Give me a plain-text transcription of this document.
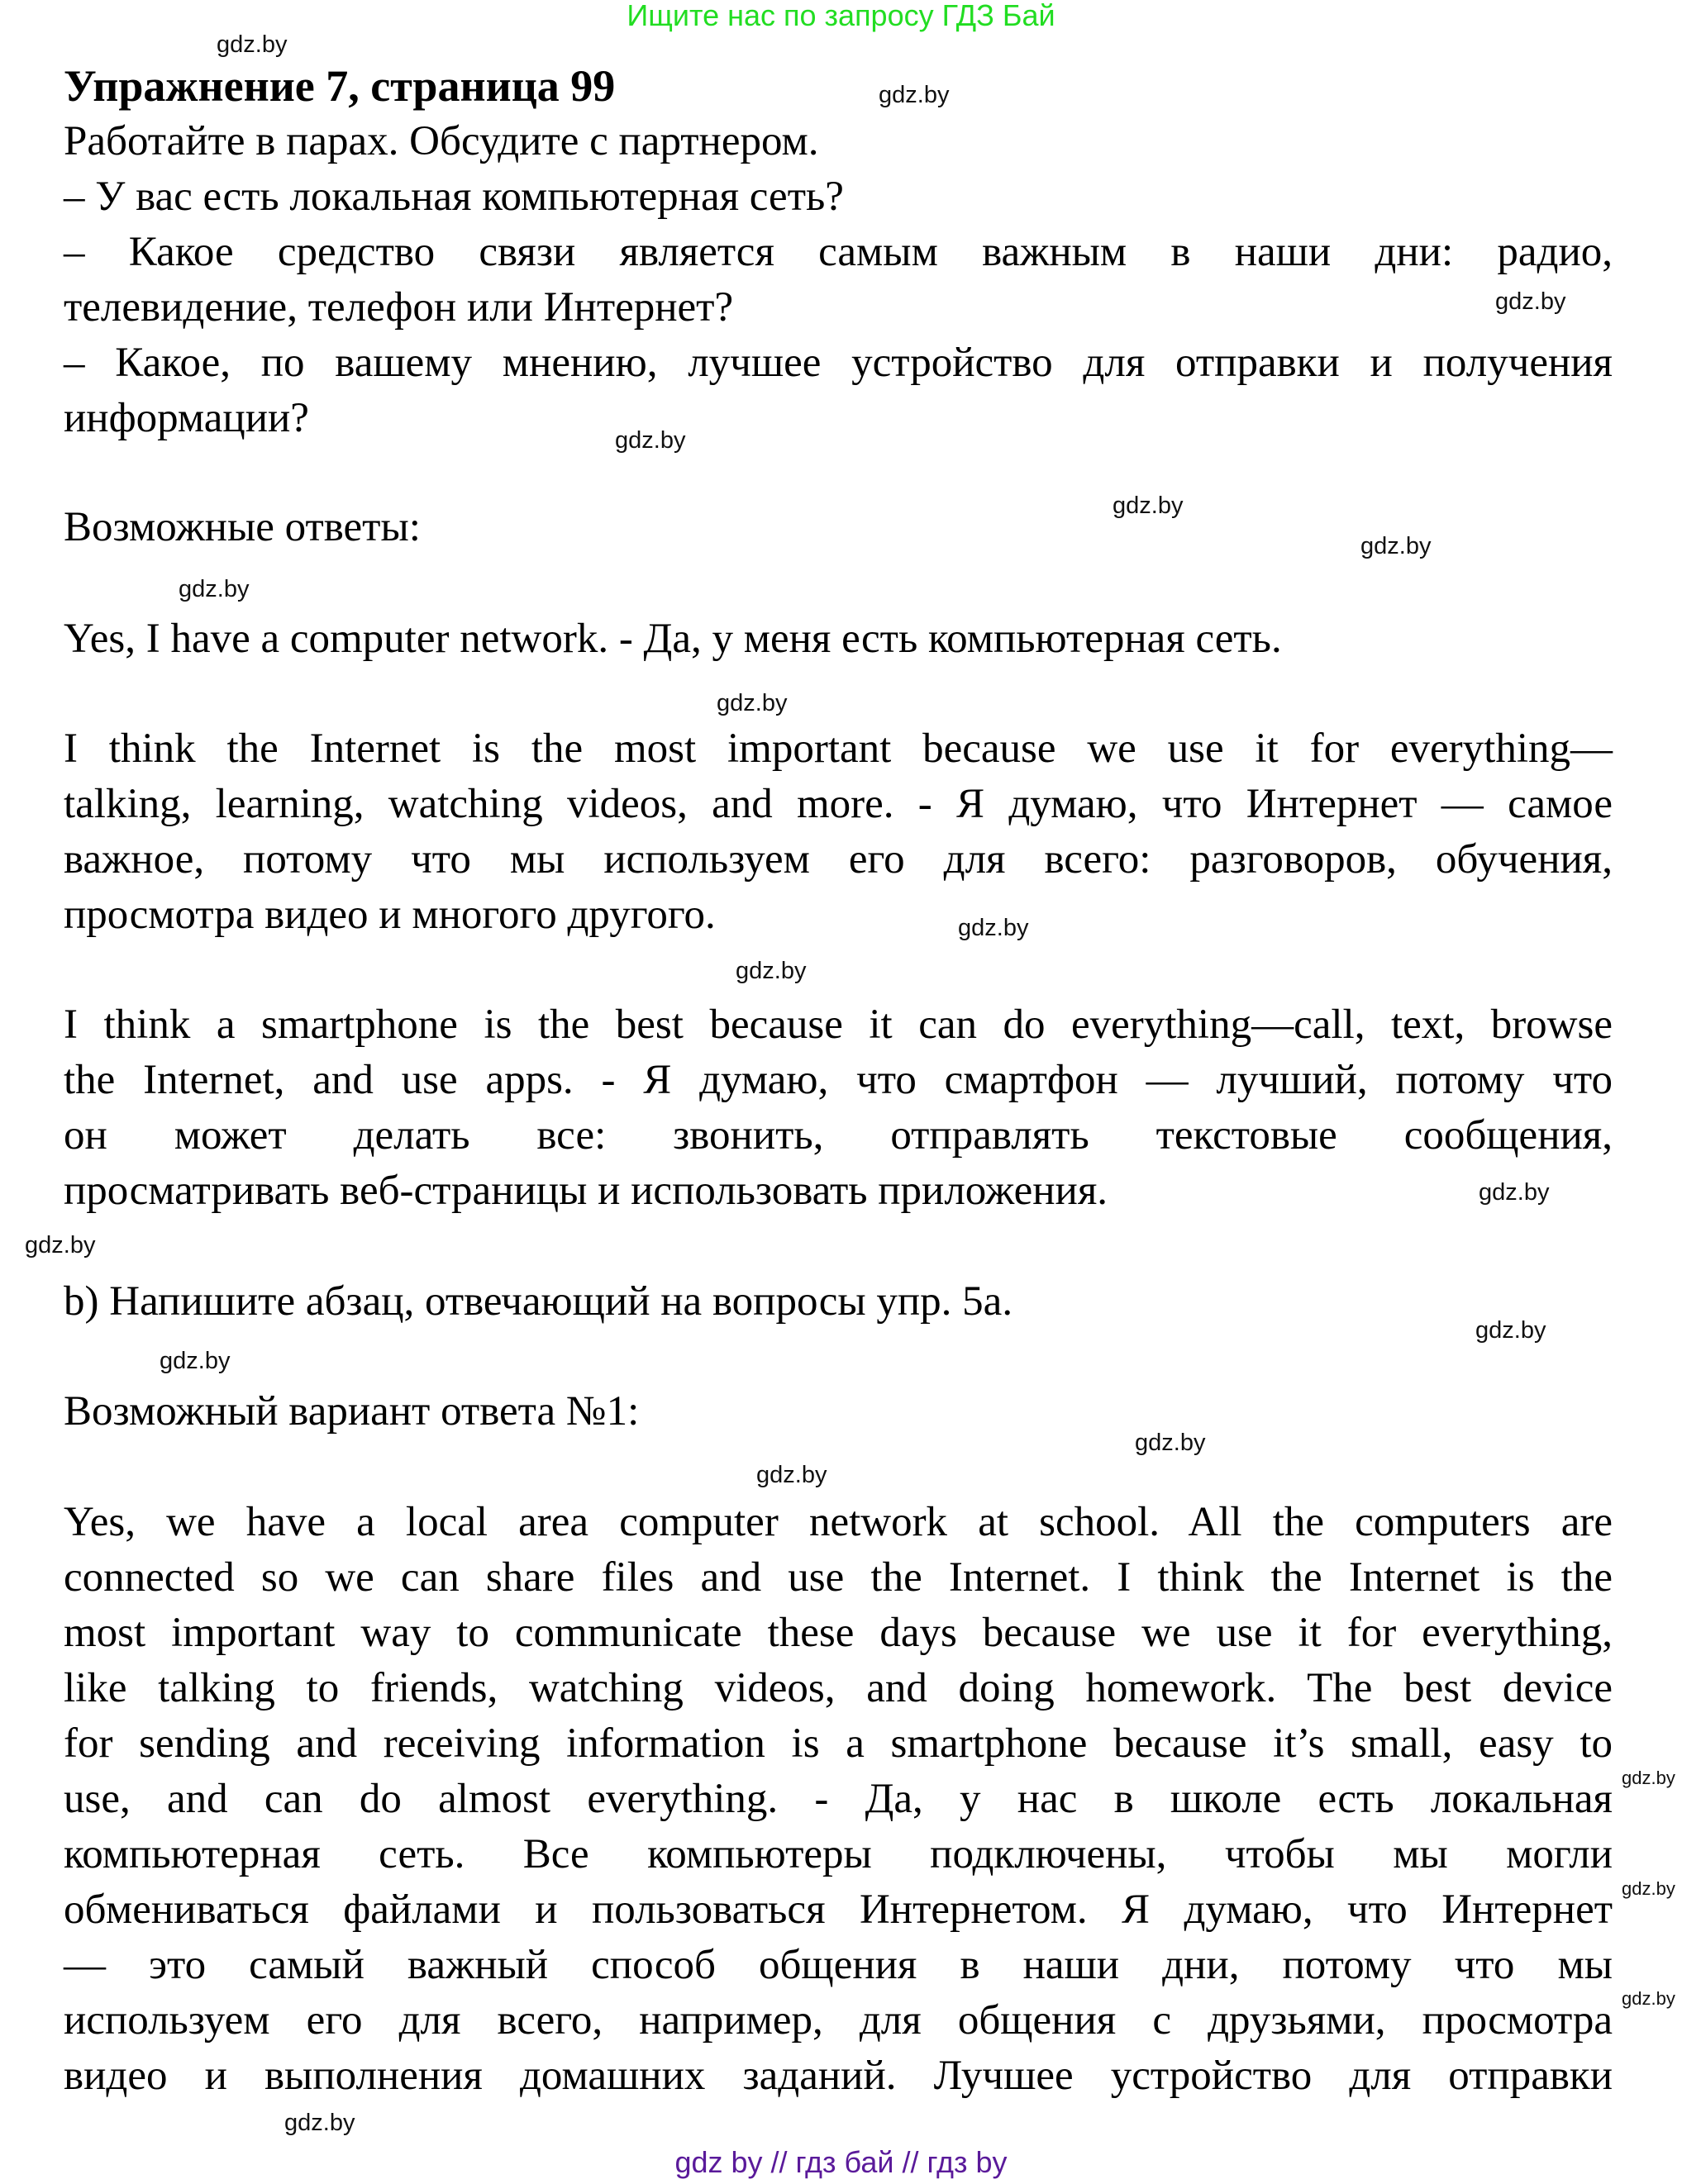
Ищите нас по запросу ГДЗ Бай
Упражнение 7, страница 99
Работайте в парах. Обсудите с партнером.
– У вас есть локальная компьютерная сеть?
– Какое средство связи является самым важным в наши дни: радио,
телевидение, телефон или Интернет?
– Какое, по вашему мнению, лучшее устройство для отправки и получения
информации?
Возможные ответы:
Yes, I have a computer network. - Да, у меня есть компьютерная сеть.
I think the Internet is the most important because we use it for everything—
talking, learning, watching videos, and more. - Я думаю, что Интернет — самое
важное, потому что мы используем его для всего: разговоров, обучения,
просмотра видео и многого другого.
I think a smartphone is the best because it can do everything—call, text, browse
the Internet, and use apps. - Я думаю, что смартфон — лучший, потому что
он может делать все: звонить, отправлять текстовые сообщения,
просматривать веб-страницы и использовать приложения.
b) Напишите абзац, отвечающий на вопросы упр. 5а.
Возможный вариант ответа №1:
Yes, we have a local area computer network at school. All the computers are
connected so we can share files and use the Internet. I think the Internet is the
most important way to communicate these days because we use it for everything,
like talking to friends, watching videos, and doing homework. The best device
for sending and receiving information is a smartphone because it’s small, easy to
use, and can do almost everything. - Да, у нас в школе есть локальная
компьютерная сеть. Все компьютеры подключены, чтобы мы могли
обмениваться файлами и пользоваться Интернетом. Я думаю, что Интернет
— это самый важный способ общения в наши дни, потому что мы
используем его для всего, например, для общения с друзьями, просмотра
видео и выполнения домашних заданий. Лучшее устройство для отправки
gdz.by
gdz.by
gdz.by
gdz.by
gdz.by
gdz.by
gdz.by
gdz.by
gdz.by
gdz.by
gdz.by
gdz.by
gdz.by
gdz.by
gdz.by
gdz.by
gdz.by
gdz.by
gdz.by
gdz.by
gdz by // гдз бай // гдз by
